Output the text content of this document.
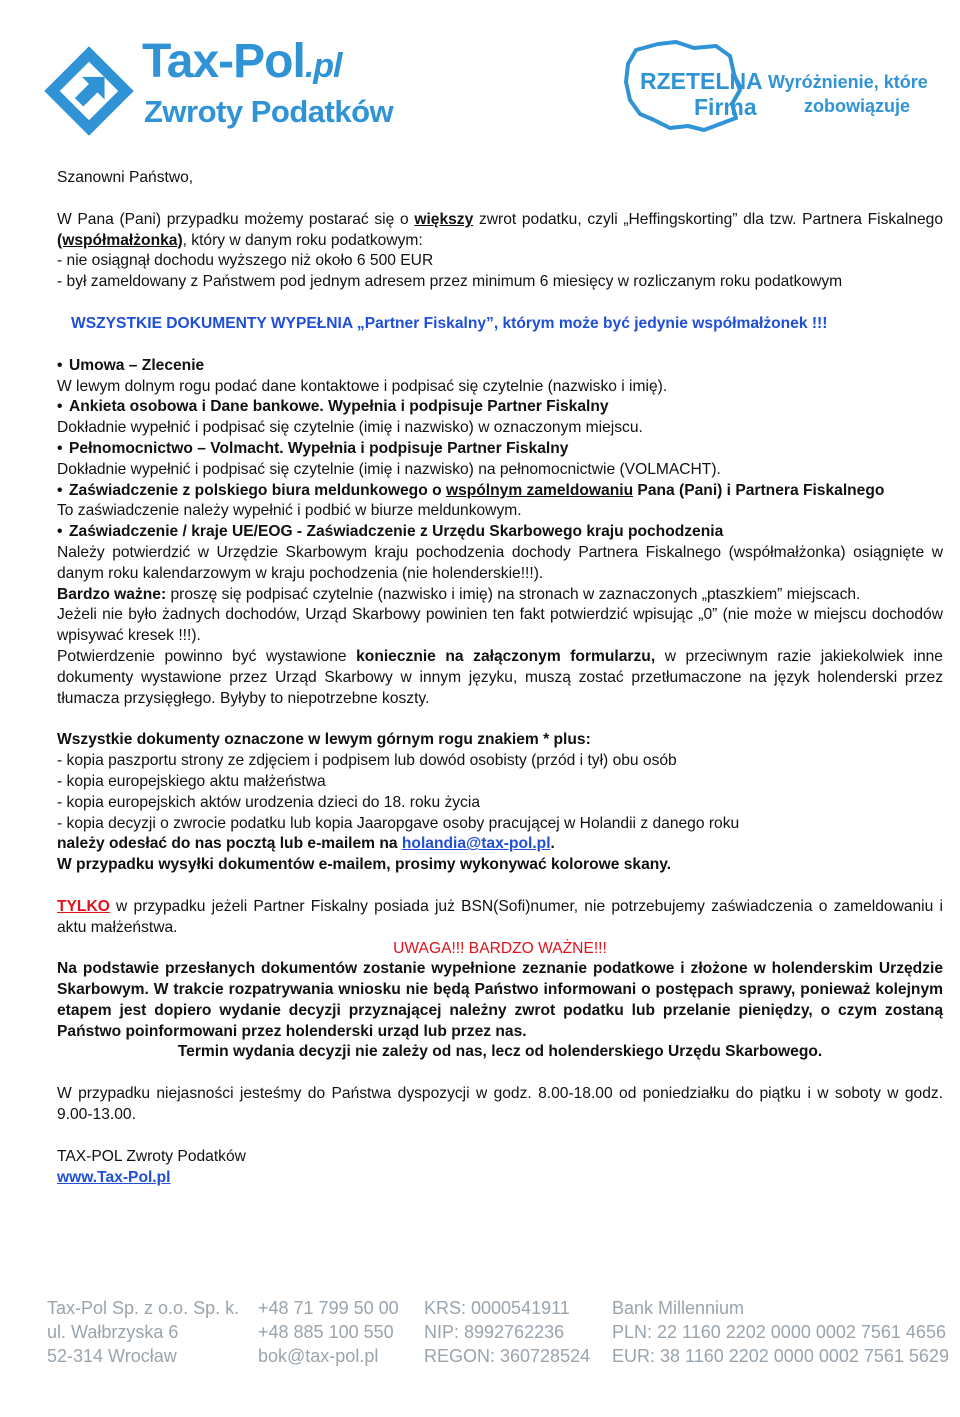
Tax-Pol.pl
Zwroty Podatków
RZETELNA
Firma
Wyróżnienie, które
zobowiązuje

Szanowni Państwo,

W Pana (Pani) przypadku możemy postarać się o większy zwrot podatku, czyli „Heffingskorting” dla tzw. Partnera Fiskalnego (współmałżonka), który w danym roku podatkowym:

- nie osiągnął dochodu wyższego niż około 6 500 EUR

- był zameldowany z Państwem pod jednym adresem przez minimum 6 miesięcy w rozliczanym roku podatkowym

WSZYSTKIE DOKUMENTY WYPEŁNIA „Partner Fiskalny”, którym może być jedynie współmałżonek !!!

• Umowa – Zlecenie

W lewym dolnym rogu podać dane kontaktowe i podpisać się czytelnie (nazwisko i imię).

• Ankieta osobowa i Dane bankowe. Wypełnia i podpisuje Partner Fiskalny

Dokładnie wypełnić i podpisać się czytelnie (imię i nazwisko) w oznaczonym miejscu.

• Pełnomocnictwo – Volmacht. Wypełnia i podpisuje Partner Fiskalny

Dokładnie wypełnić i podpisać się czytelnie (imię i nazwisko) na pełnomocnictwie (VOLMACHT).

• Zaświadczenie z polskiego biura meldunkowego o wspólnym zameldowaniu Pana (Pani) i Partnera Fiskalnego

To zaświadczenie należy wypełnić i podbić w biurze meldunkowym.

• Zaświadczenie / kraje UE/EOG - Zaświadczenie z Urzędu Skarbowego kraju pochodzenia

Należy potwierdzić w Urzędzie Skarbowym kraju pochodzenia dochody Partnera Fiskalnego (współmałżonka) osiągnięte w danym roku kalendarzowym w kraju pochodzenia (nie holenderskie!!!).

Bardzo ważne: proszę się podpisać czytelnie (nazwisko i imię) na stronach w zaznaczonych „ptaszkiem” miejscach.

Jeżeli nie było żadnych dochodów, Urząd Skarbowy powinien ten fakt potwierdzić wpisując „0” (nie może w miejscu dochodów wpisywać kresek !!!).

Potwierdzenie powinno być wystawione koniecznie na załączonym formularzu, w przeciwnym razie jakiekolwiek inne dokumenty wystawione przez Urząd Skarbowy w innym języku, muszą zostać przetłumaczone na język holenderski przez tłumacza przysięgłego. Byłyby to niepotrzebne koszty.

Wszystkie dokumenty oznaczone w lewym górnym rogu znakiem * plus:

- kopia paszportu strony ze zdjęciem i podpisem lub dowód osobisty (przód i tył) obu osób

- kopia europejskiego aktu małżeństwa

- kopia europejskich aktów urodzenia dzieci do 18. roku życia

- kopia decyzji o zwrocie podatku lub kopia Jaaropgave osoby pracującej w Holandii z danego roku

należy odesłać do nas pocztą lub e-mailem na holandia@tax-pol.pl.

W przypadku wysyłki dokumentów e-mailem, prosimy wykonywać kolorowe skany.

TYLKO w przypadku jeżeli Partner Fiskalny posiada już BSN(Sofi)numer, nie potrzebujemy zaświadczenia o zameldowaniu i aktu małżeństwa.

UWAGA!!! BARDZO WAŻNE!!!

Na podstawie przesłanych dokumentów zostanie wypełnione zeznanie podatkowe i złożone w holenderskim Urzędzie Skarbowym. W trakcie rozpatrywania wniosku nie będą Państwo informowani o postępach sprawy, ponieważ kolejnym etapem jest dopiero wydanie decyzji przyznającej należny zwrot podatku lub przelanie pieniędzy, o czym zostaną Państwo poinformowani przez holenderski urząd lub przez nas.

Termin wydania decyzji nie zależy od nas, lecz od holenderskiego Urzędu Skarbowego.

W przypadku niejasności jesteśmy do Państwa dyspozycji w godz. 8.00-18.00 od poniedziałku do piątku i w soboty w godz. 9.00-13.00.

TAX-POL Zwroty Podatków

www.Tax-Pol.pl

Tax-Pol Sp. z o.o. Sp. k.
ul. Wałbrzyska 6
52-314 Wrocław
+48 71 799 50 00
+48 885 100 550
bok@tax-pol.pl
KRS: 0000541911
NIP: 8992762236
REGON: 360728524
Bank Millennium
PLN: 22 1160 2202 0000 0002 7561 4656
EUR: 38 1160 2202 0000 0002 7561 5629
